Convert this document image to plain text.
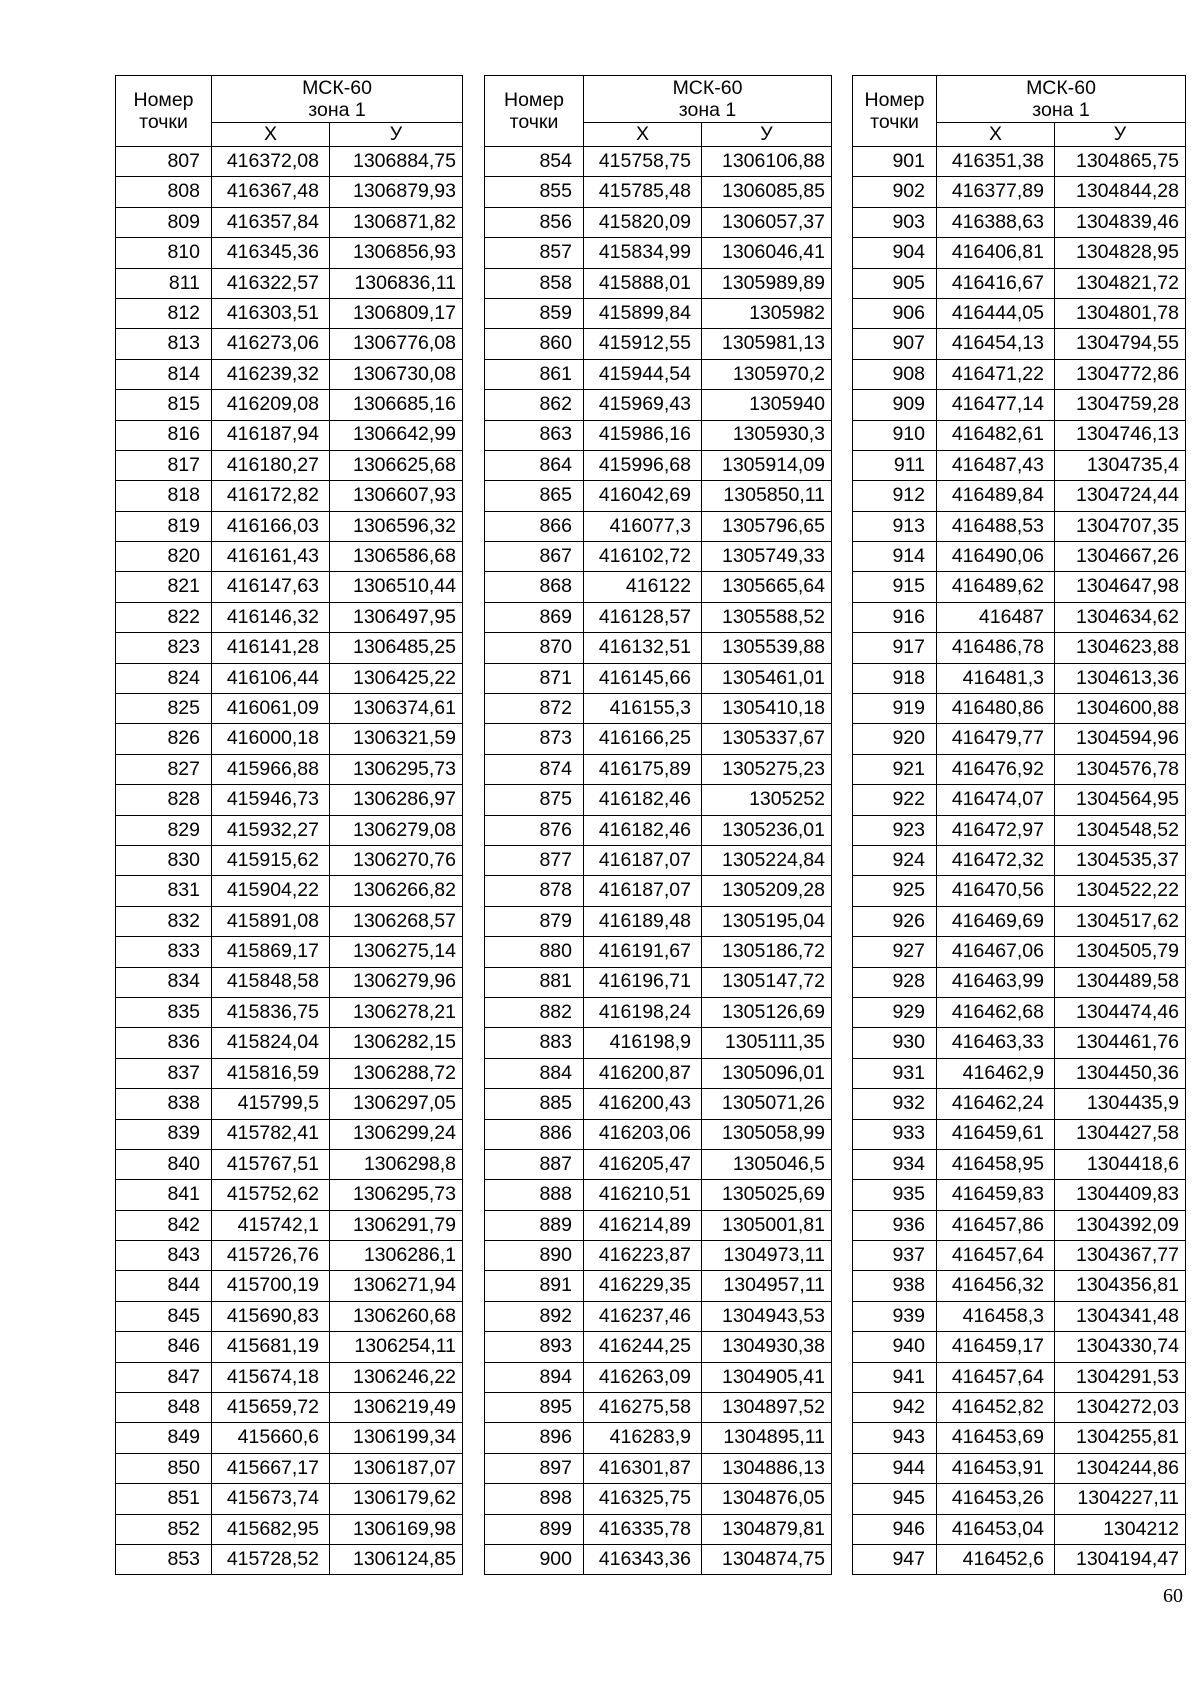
Номер
точки	МСК-60
зона 1	
	X	У
807	416372,08	1306884,75
808	416367,48	1306879,93
809	416357,84	1306871,82
810	416345,36	1306856,93
811	416322,57	1306836,11
812	416303,51	1306809,17
813	416273,06	1306776,08
814	416239,32	1306730,08
815	416209,08	1306685,16
816	416187,94	1306642,99
817	416180,27	1306625,68
818	416172,82	1306607,93
819	416166,03	1306596,32
820	416161,43	1306586,68
821	416147,63	1306510,44
822	416146,32	1306497,95
823	416141,28	1306485,25
824	416106,44	1306425,22
825	416061,09	1306374,61
826	416000,18	1306321,59
827	415966,88	1306295,73
828	415946,73	1306286,97
829	415932,27	1306279,08
830	415915,62	1306270,76
831	415904,22	1306266,82
832	415891,08	1306268,57
833	415869,17	1306275,14
834	415848,58	1306279,96
835	415836,75	1306278,21
836	415824,04	1306282,15
837	415816,59	1306288,72
838	415799,5	1306297,05
839	415782,41	1306299,24
840	415767,51	1306298,8
841	415752,62	1306295,73
842	415742,1	1306291,79
843	415726,76	1306286,1
844	415700,19	1306271,94
845	415690,83	1306260,68
846	415681,19	1306254,11
847	415674,18	1306246,22
848	415659,72	1306219,49
849	415660,6	1306199,34
850	415667,17	1306187,07
851	415673,74	1306179,62
852	415682,95	1306169,98
853	415728,52	1306124,85
Номер
точки	МСК-60
зона 1	
	X	У
854	415758,75	1306106,88
855	415785,48	1306085,85
856	415820,09	1306057,37
857	415834,99	1306046,41
858	415888,01	1305989,89
859	415899,84	1305982
860	415912,55	1305981,13
861	415944,54	1305970,2
862	415969,43	1305940
863	415986,16	1305930,3
864	415996,68	1305914,09
865	416042,69	1305850,11
866	416077,3	1305796,65
867	416102,72	1305749,33
868	416122	1305665,64
869	416128,57	1305588,52
870	416132,51	1305539,88
871	416145,66	1305461,01
872	416155,3	1305410,18
873	416166,25	1305337,67
874	416175,89	1305275,23
875	416182,46	1305252
876	416182,46	1305236,01
877	416187,07	1305224,84
878	416187,07	1305209,28
879	416189,48	1305195,04
880	416191,67	1305186,72
881	416196,71	1305147,72
882	416198,24	1305126,69
883	416198,9	1305111,35
884	416200,87	1305096,01
885	416200,43	1305071,26
886	416203,06	1305058,99
887	416205,47	1305046,5
888	416210,51	1305025,69
889	416214,89	1305001,81
890	416223,87	1304973,11
891	416229,35	1304957,11
892	416237,46	1304943,53
893	416244,25	1304930,38
894	416263,09	1304905,41
895	416275,58	1304897,52
896	416283,9	1304895,11
897	416301,87	1304886,13
898	416325,75	1304876,05
899	416335,78	1304879,81
900	416343,36	1304874,75
Номер
точки	МСК-60
зона 1	
	X	У
901	416351,38	1304865,75
902	416377,89	1304844,28
903	416388,63	1304839,46
904	416406,81	1304828,95
905	416416,67	1304821,72
906	416444,05	1304801,78
907	416454,13	1304794,55
908	416471,22	1304772,86
909	416477,14	1304759,28
910	416482,61	1304746,13
911	416487,43	1304735,4
912	416489,84	1304724,44
913	416488,53	1304707,35
914	416490,06	1304667,26
915	416489,62	1304647,98
916	416487	1304634,62
917	416486,78	1304623,88
918	416481,3	1304613,36
919	416480,86	1304600,88
920	416479,77	1304594,96
921	416476,92	1304576,78
922	416474,07	1304564,95
923	416472,97	1304548,52
924	416472,32	1304535,37
925	416470,56	1304522,22
926	416469,69	1304517,62
927	416467,06	1304505,79
928	416463,99	1304489,58
929	416462,68	1304474,46
930	416463,33	1304461,76
931	416462,9	1304450,36
932	416462,24	1304435,9
933	416459,61	1304427,58
934	416458,95	1304418,6
935	416459,83	1304409,83
936	416457,86	1304392,09
937	416457,64	1304367,77
938	416456,32	1304356,81
939	416458,3	1304341,48
940	416459,17	1304330,74
941	416457,64	1304291,53
942	416452,82	1304272,03
943	416453,69	1304255,81
944	416453,91	1304244,86
945	416453,26	1304227,11
946	416453,04	1304212
947	416452,6	1304194,47
60
